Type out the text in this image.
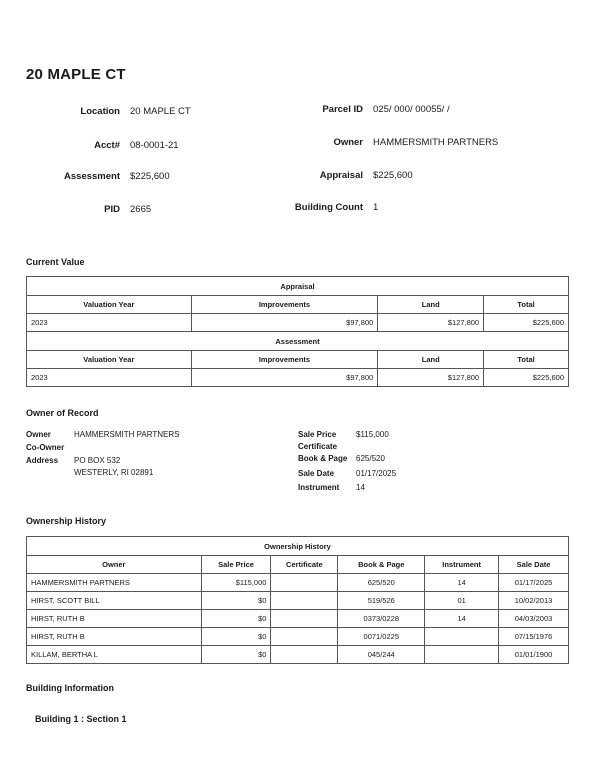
20 MAPLE CT
Location 20 MAPLE CT
Acct# 08-0001-21
Assessment $225,600
PID 2665
Parcel ID 025/ 000/ 00055/ /
Owner HAMMERSMITH PARTNERS
Appraisal $225,600
Building Count 1
Current Value
Appraisal			
Valuation Year	Improvements	Land	Total
2023	$97,800	$127,800	$225,600
Assessment			
Valuation Year	Improvements	Land	Total
2023	$97,800	$127,800	$225,600
Owner of Record
Owner	HAMMERSMITH PARTNERS
Co-Owner
Address PO BOX 532
WESTERLY, RI 02891
Sale Price $115,000
Certificate
Book & Page 625/520
Sale Date	01/17/2025
Instrument 14
Ownership History
Ownership History					
Owner	Sale Price	Certificate	Book & Page	Instrument	Sale Date
HAMMERSMITH PARTNERS	$115,000		625/520	14	01/17/2025
HIRST, SCOTT BILL	$0		519/526	01	10/02/2013
HIRST, RUTH B	$0		0373/0228	14	04/03/2003
HIRST, RUTH B	$0		0071/0225		07/15/1976
KILLAM, BERTHA L	$0		045/244		01/01/1900
Building Information
Building 1 : Section 1
